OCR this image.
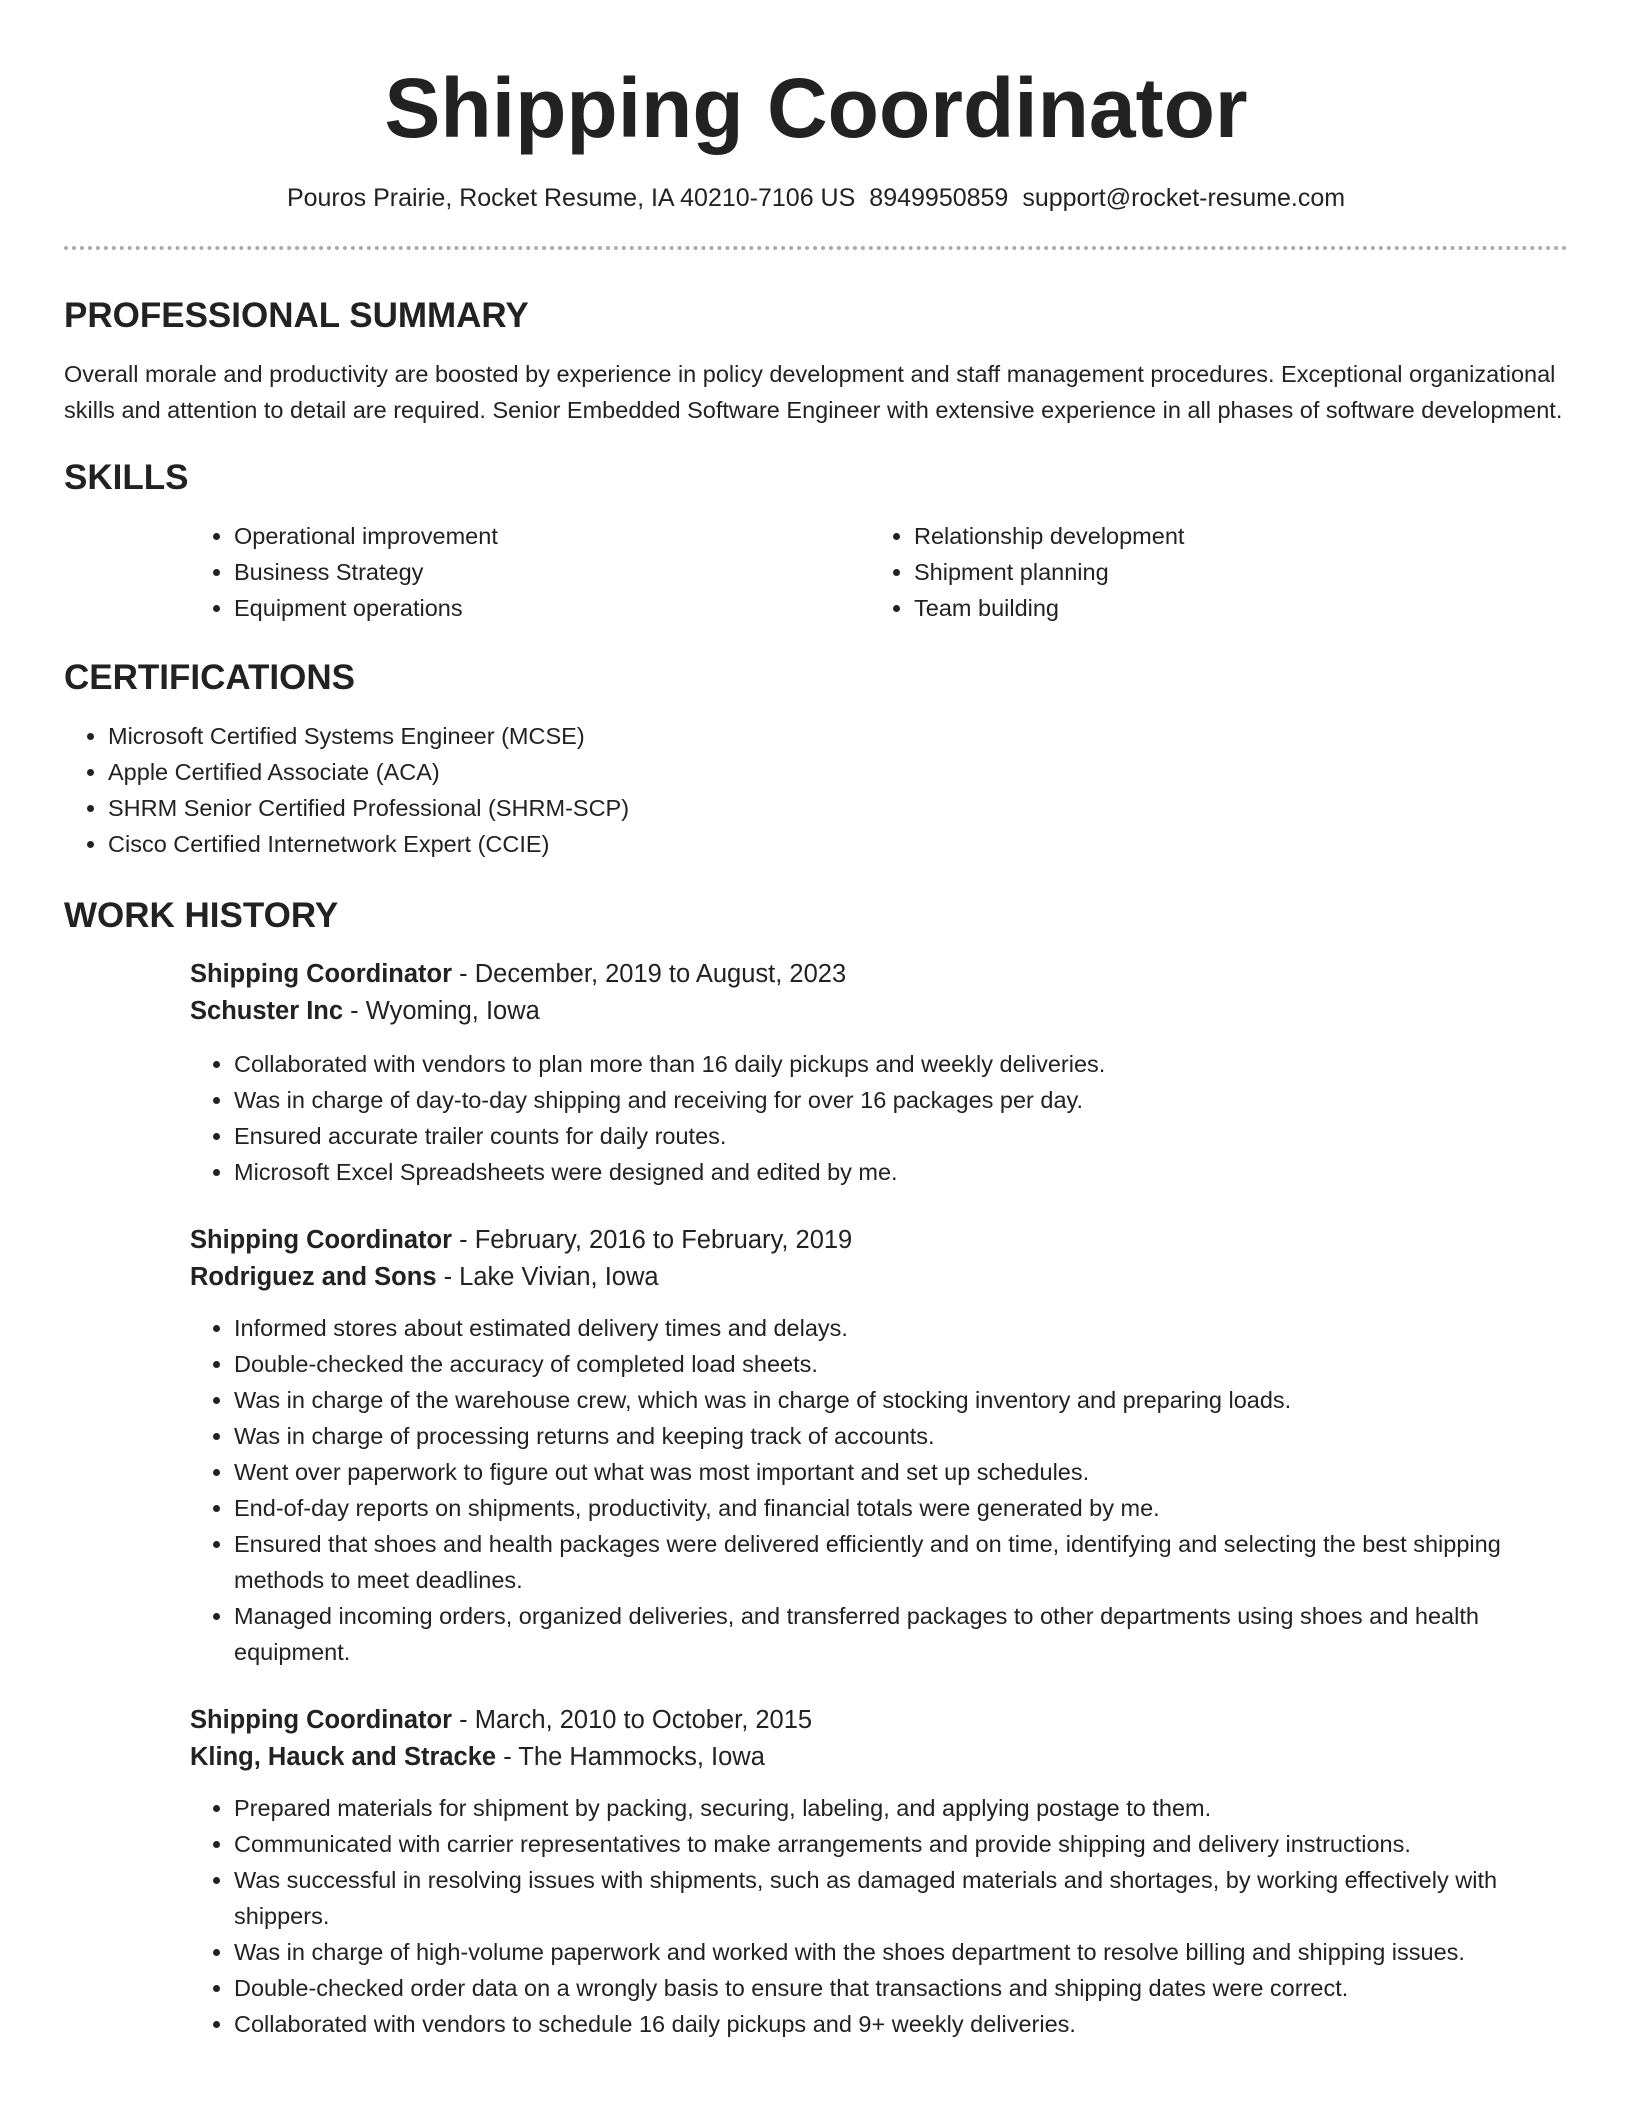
Shipping Coordinator
Pouros Prairie, Rocket Resume, IA 40210-7106 US 8949950859 support@rocket-resume.com
PROFESSIONAL SUMMARY

Overall morale and productivity are boosted by experience in policy development and staff management procedures. Exceptional organizational skills and attention to detail are required. Senior Embedded Software Engineer with extensive experience in all phases of software development.

SKILLS
• Operational improvement
• Business Strategy
• Equipment operations
• Relationship development
• Shipment planning
• Team building
CERTIFICATIONS
• Microsoft Certified Systems Engineer (MCSE)
• Apple Certified Associate (ACA)
• SHRM Senior Certified Professional (SHRM-SCP)
• Cisco Certified Internetwork Expert (CCIE)
WORK HISTORY

Shipping Coordinator - December, 2019 to August, 2023

Schuster Inc - Wyoming, Iowa

• Collaborated with vendors to plan more than 16 daily pickups and weekly deliveries.
• Was in charge of day-to-day shipping and receiving for over 16 packages per day.
• Ensured accurate trailer counts for daily routes.
• Microsoft Excel Spreadsheets were designed and edited by me.

Shipping Coordinator - February, 2016 to February, 2019

Rodriguez and Sons - Lake Vivian, Iowa

• Informed stores about estimated delivery times and delays.
• Double-checked the accuracy of completed load sheets.
• Was in charge of the warehouse crew, which was in charge of stocking inventory and preparing loads.
• Was in charge of processing returns and keeping track of accounts.
• Went over paperwork to figure out what was most important and set up schedules.
• End-of-day reports on shipments, productivity, and financial totals were generated by me.
• Ensured that shoes and health packages were delivered efficiently and on time, identifying and selecting the best shipping methods to meet deadlines.
• Managed incoming orders, organized deliveries, and transferred packages to other departments using shoes and health equipment.

Shipping Coordinator - March, 2010 to October, 2015

Kling, Hauck and Stracke - The Hammocks, Iowa

• Prepared materials for shipment by packing, securing, labeling, and applying postage to them.
• Communicated with carrier representatives to make arrangements and provide shipping and delivery instructions.
• Was successful in resolving issues with shipments, such as damaged materials and shortages, by working effectively with shippers.
• Was in charge of high-volume paperwork and worked with the shoes department to resolve billing and shipping issues.
• Double-checked order data on a wrongly basis to ensure that transactions and shipping dates were correct.
• Collaborated with vendors to schedule 16 daily pickups and 9+ weekly deliveries.
